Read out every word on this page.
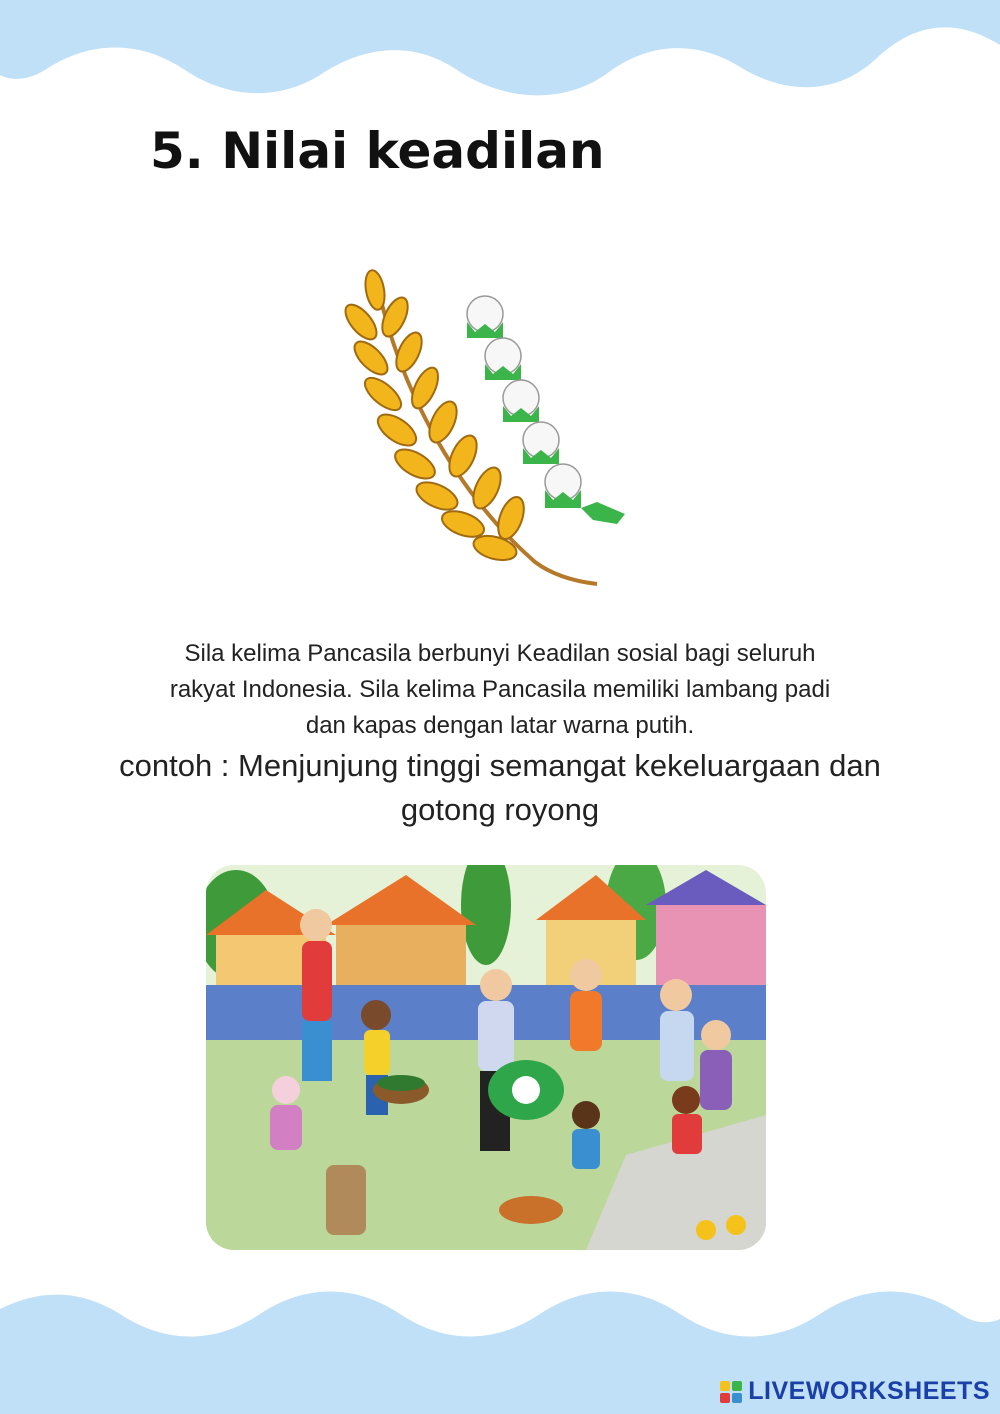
5. Nilai keadilan

Sila kelima Pancasila berbunyi Keadilan sosial bagi seluruh
rakyat Indonesia. Sila kelima Pancasila memiliki lambang padi
dan kapas dengan latar warna putih.

contoh : Menjunjung tinggi semangat kekeluargaan dan
gotong royong

LIVEWORKSHEETS
